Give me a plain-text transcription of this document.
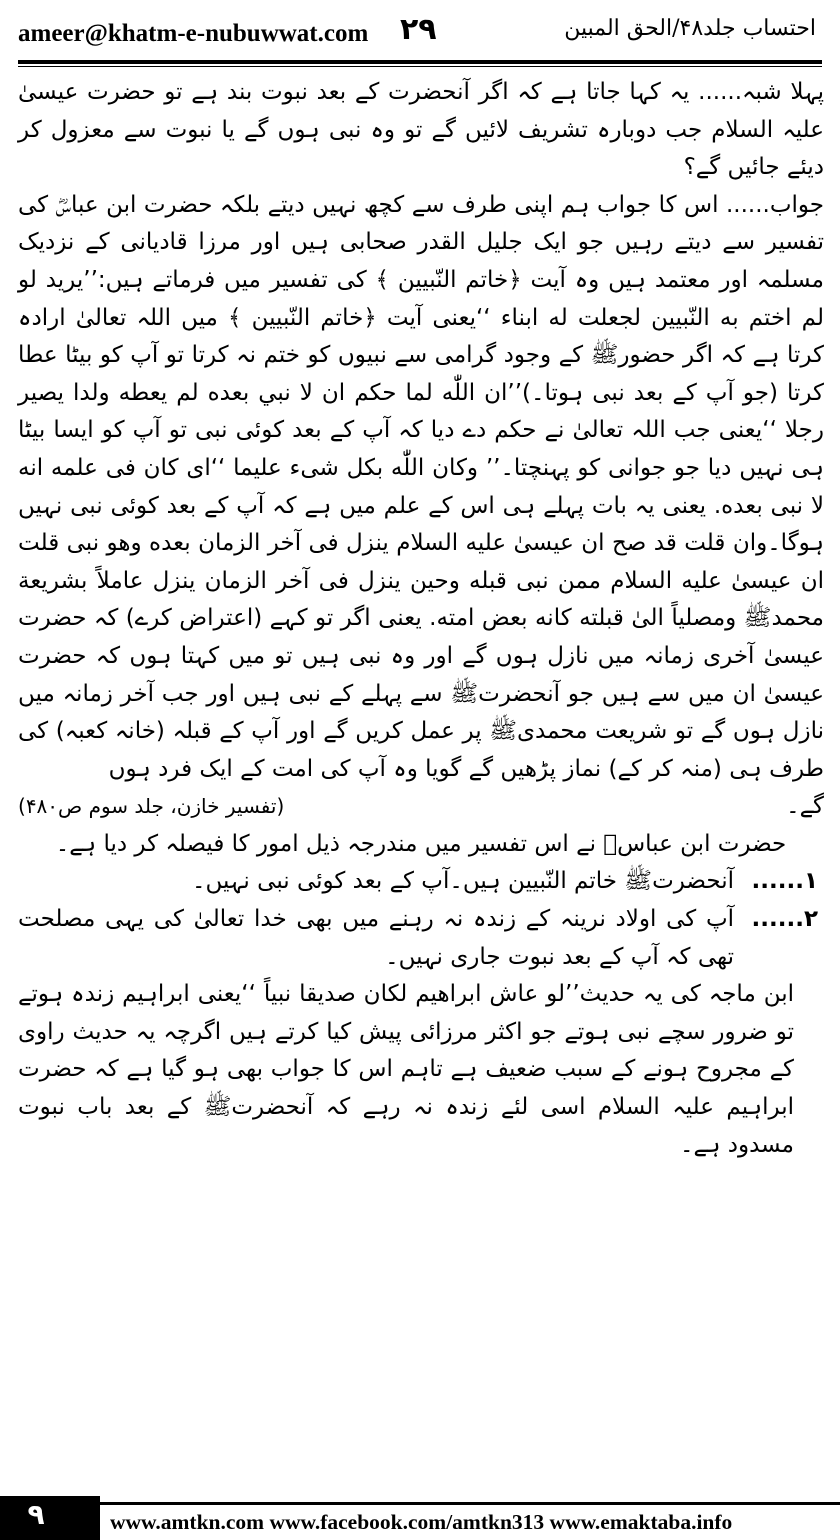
ameer@khatm-e-nubuwwat.com ۲۹	احتساب جلد۴۸/الحق المبین

پہلا شبہ...... یہ کہا جاتا ہے کہ اگر آنحضرت کے بعد نبوت بند ہے تو حضرت عیسیٰ علیہ السلام جب دوبارہ تشریف لائیں گے تو وہ نبی ہوں گے یا نبوت سے معزول کر دیئے جائیں گے؟

جواب...... اس کا جواب ہم اپنی طرف سے کچھ نہیں دیتے بلکہ حضرت ابن عباسؓ کی تفسیر سے دیتے رہیں جو ایک جلیل القدر صحابی ہیں اور مرزا قادیانی کے نزدیک مسلمہ اور معتمد ہیں وہ آیت ﴿خاتم النّبیین ﴾ کی تفسیر میں فرماتے ہیں:’’یرید لو لم اختم به النّبیین لجعلت له ابناء ‘‘یعنی آیت ﴿خاتم النّبیین ﴾ میں اللہ تعالیٰ ارادہ کرتا ہے کہ اگر حضورﷺ کے وجود گرامی سے نبیوں کو ختم نہ کرتا تو آپ کو بیٹا عطا کرتا (جو آپ کے بعد نبی ہوتا۔)’’ان اللّٰه لما حکم ان لا نبي بعده لم یعطه ولدا یصیر رجلا ‘‘یعنی جب اللہ تعالیٰ نے حکم دے دیا کہ آپ کے بعد کوئی نبی تو آپ کو ایسا بیٹا ہی نہیں دیا جو جوانی کو پہنچتا۔’’ وکان اللّٰه بکل شیء علیما ‘‘ای کان فی علمه انه لا نبی بعده. یعنی یہ بات پہلے ہی اس کے علم میں ہے کہ آپ کے بعد کوئی نبی نہیں ہوگا۔وان قلت قد صح ان عیسیٰ علیه السلام ینزل فی آخر الزمان بعده وهو نبی قلت ان عیسیٰ علیه السلام ممن نبی قبله وحین ینزل فی آخر الزمان ینزل عاملاً بشریعة محمدﷺ ومصلیاً الیٰ قبلته کانه بعض امته. یعنی اگر تو کہے (اعتراض کرے) کہ حضرت عیسیٰ آخری زمانہ میں نازل ہوں گے اور وہ نبی ہیں تو میں کہتا ہوں کہ حضرت عیسیٰ ان میں سے ہیں جو آنحضرتﷺ سے پہلے کے نبی ہیں اور جب آخر زمانہ میں نازل ہوں گے تو شریعت محمدیﷺ پر عمل کریں گے اور آپ کے قبلہ (خانہ کعبہ) کی طرف ہی (منہ کر کے) نماز پڑھیں گے گویا وہ آپ کی امت کے ایک فرد ہوں

گے۔
(تفسیر خازن، جلد سوم ص۴۸۰)

حضرت ابن عباسؓ نے اس تفسیر میں مندرجہ ذیل امور کا فیصلہ کر دیا ہے۔

۱......
آنحضرتﷺ خاتم النّبیین ہیں۔آپ کے بعد کوئی نبی نہیں۔

۲......
آپ کی اولاد نرینہ کے زندہ نہ رہنے میں بھی خدا تعالیٰ کی یہی مصلحت تھی کہ آپ کے بعد نبوت جاری نہیں۔

ابن ماجہ کی یہ حدیث’’لو عاش ابراهیم لکان صدیقا نبیاً ‘‘یعنی ابراہیم زندہ ہوتے تو ضرور سچے نبی ہوتے جو اکثر مرزائی پیش کیا کرتے ہیں اگرچہ یہ حدیث راوی کے مجروح ہونے کے سبب ضعیف ہے تاہم اس کا جواب بھی ہو گیا ہے کہ حضرت ابراہیم علیہ السلام اسی لئے زندہ نہ رہے کہ آنحضرتﷺ کے بعد باب نبوت مسدود ہے۔

۹	www.amtkn.com www.facebook.com/amtkn313 www.emaktaba.info
